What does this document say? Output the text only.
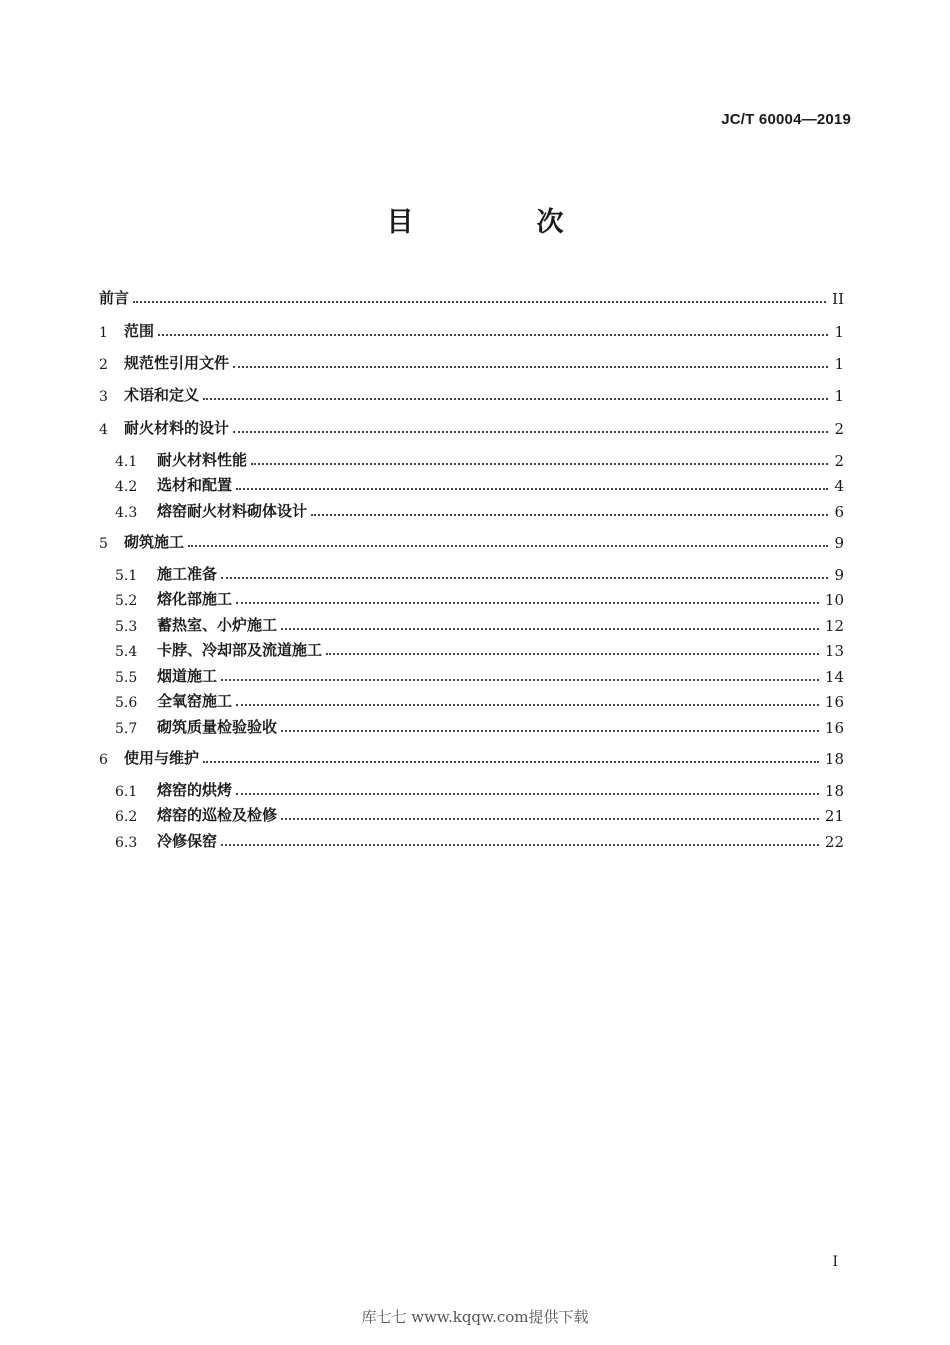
JC/T 60004—2019
目　次
前言	II
1	范围	1
2	规范性引用文件	1
3	术语和定义	1
4	耐火材料的设计	2
4.1	耐火材料性能	2
4.2	选材和配置	4
4.3	熔窑耐火材料砌体设计	6
5	砌筑施工	9
5.1	施工准备	9
5.2	熔化部施工	10
5.3	蓄热室、小炉施工	12
5.4	卡脖、冷却部及流道施工	13
5.5	烟道施工	14
5.6	全氧窑施工	16
5.7	砌筑质量检验验收	16
6	使用与维护	18
6.1	熔窑的烘烤	18
6.2	熔窑的巡检及检修	21
6.3	冷修保窑	22
I
库七七 www.kqqw.com提供下载
